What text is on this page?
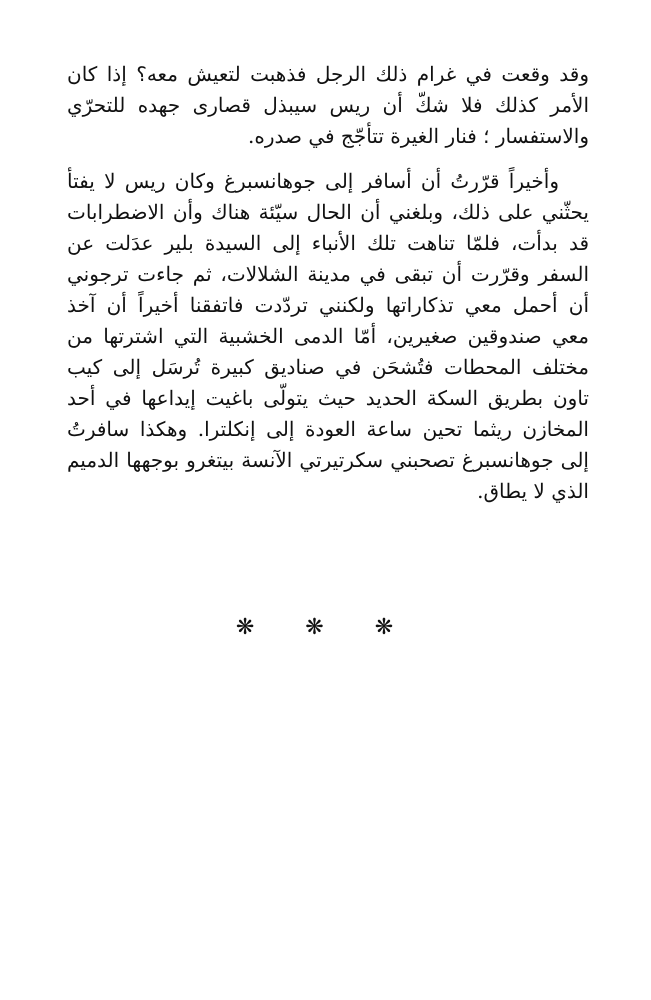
وقد وقعت في غرام ذلك الرجل فذهبت لتعيش معه؟ إذا كان
الأمر كذلك فلا شكّ أن ريس سيبذل قصارى جهده للتحرّي
والاستفسار ؛ فنار الغيرة تتأجّج في صدره.

وأخيراً قرّرتُ أن أسافر إلى جوهانسبرغ وكان ريس لا يفتأ
يحثّني على ذلك، وبلغني أن الحال سيّئة هناك وأن الاضطرابات
قد بدأت، فلمّا تناهت تلك الأنباء إلى السيدة بلير عدَلت عن
السفر وقرّرت أن تبقى في مدينة الشلالات، ثم جاءت ترجوني
أن أحمل معي تذكاراتها ولكنني تردّدت فاتفقنا أخيراً أن آخذ
معي صندوقين صغيرين، أمّا الدمى الخشبية التي اشترتها من
مختلف المحطات فتُشحَن في صناديق كبيرة تُرسَل إلى كيب
تاون بطريق السكة الحديد حيث يتولّى باغيت إيداعها في أحد
المخازن ريثما تحين ساعة العودة إلى إنكلترا. وهكذا سافرتُ
إلى جوهانسبرغ تصحبني سكرتيرتي الآنسة بيتغرو بوجهها الدميم
الذي لا يطاق.

❋ ❋ ❋
